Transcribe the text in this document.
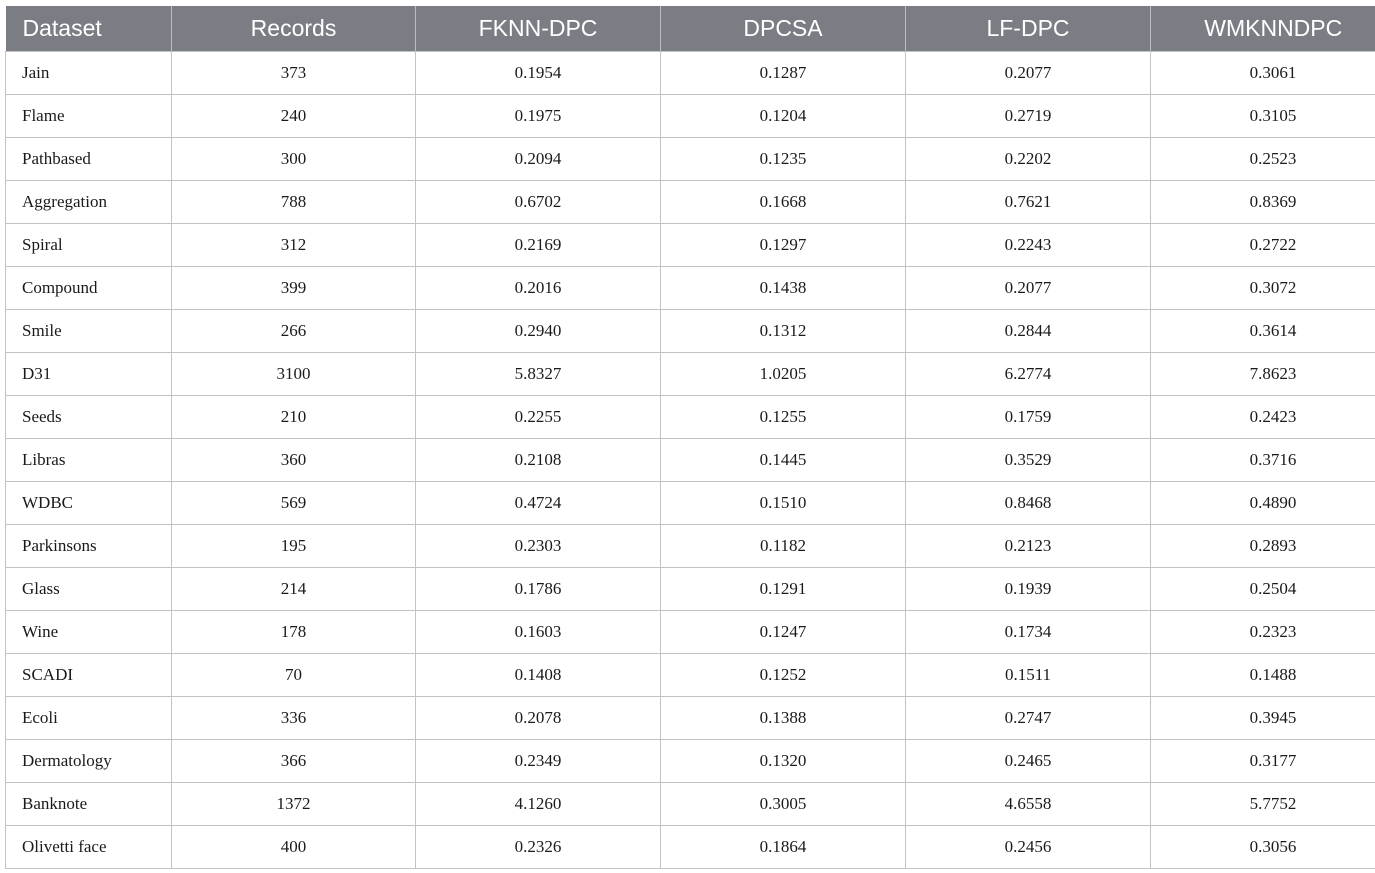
Dataset	Records	FKNN-DPC	DPCSA	LF-DPC	WMKNNDPC
Jain	373	0.1954	0.1287	0.2077	0.3061
Flame	240	0.1975	0.1204	0.2719	0.3105
Pathbased	300	0.2094	0.1235	0.2202	0.2523
Aggregation	788	0.6702	0.1668	0.7621	0.8369
Spiral	312	0.2169	0.1297	0.2243	0.2722
Compound	399	0.2016	0.1438	0.2077	0.3072
Smile	266	0.2940	0.1312	0.2844	0.3614
D31	3100	5.8327	1.0205	6.2774	7.8623
Seeds	210	0.2255	0.1255	0.1759	0.2423
Libras	360	0.2108	0.1445	0.3529	0.3716
WDBC	569	0.4724	0.1510	0.8468	0.4890
Parkinsons	195	0.2303	0.1182	0.2123	0.2893
Glass	214	0.1786	0.1291	0.1939	0.2504
Wine	178	0.1603	0.1247	0.1734	0.2323
SCADI	70	0.1408	0.1252	0.1511	0.1488
Ecoli	336	0.2078	0.1388	0.2747	0.3945
Dermatology	366	0.2349	0.1320	0.2465	0.3177
Banknote	1372	4.1260	0.3005	4.6558	5.7752
Olivetti face	400	0.2326	0.1864	0.2456	0.3056
